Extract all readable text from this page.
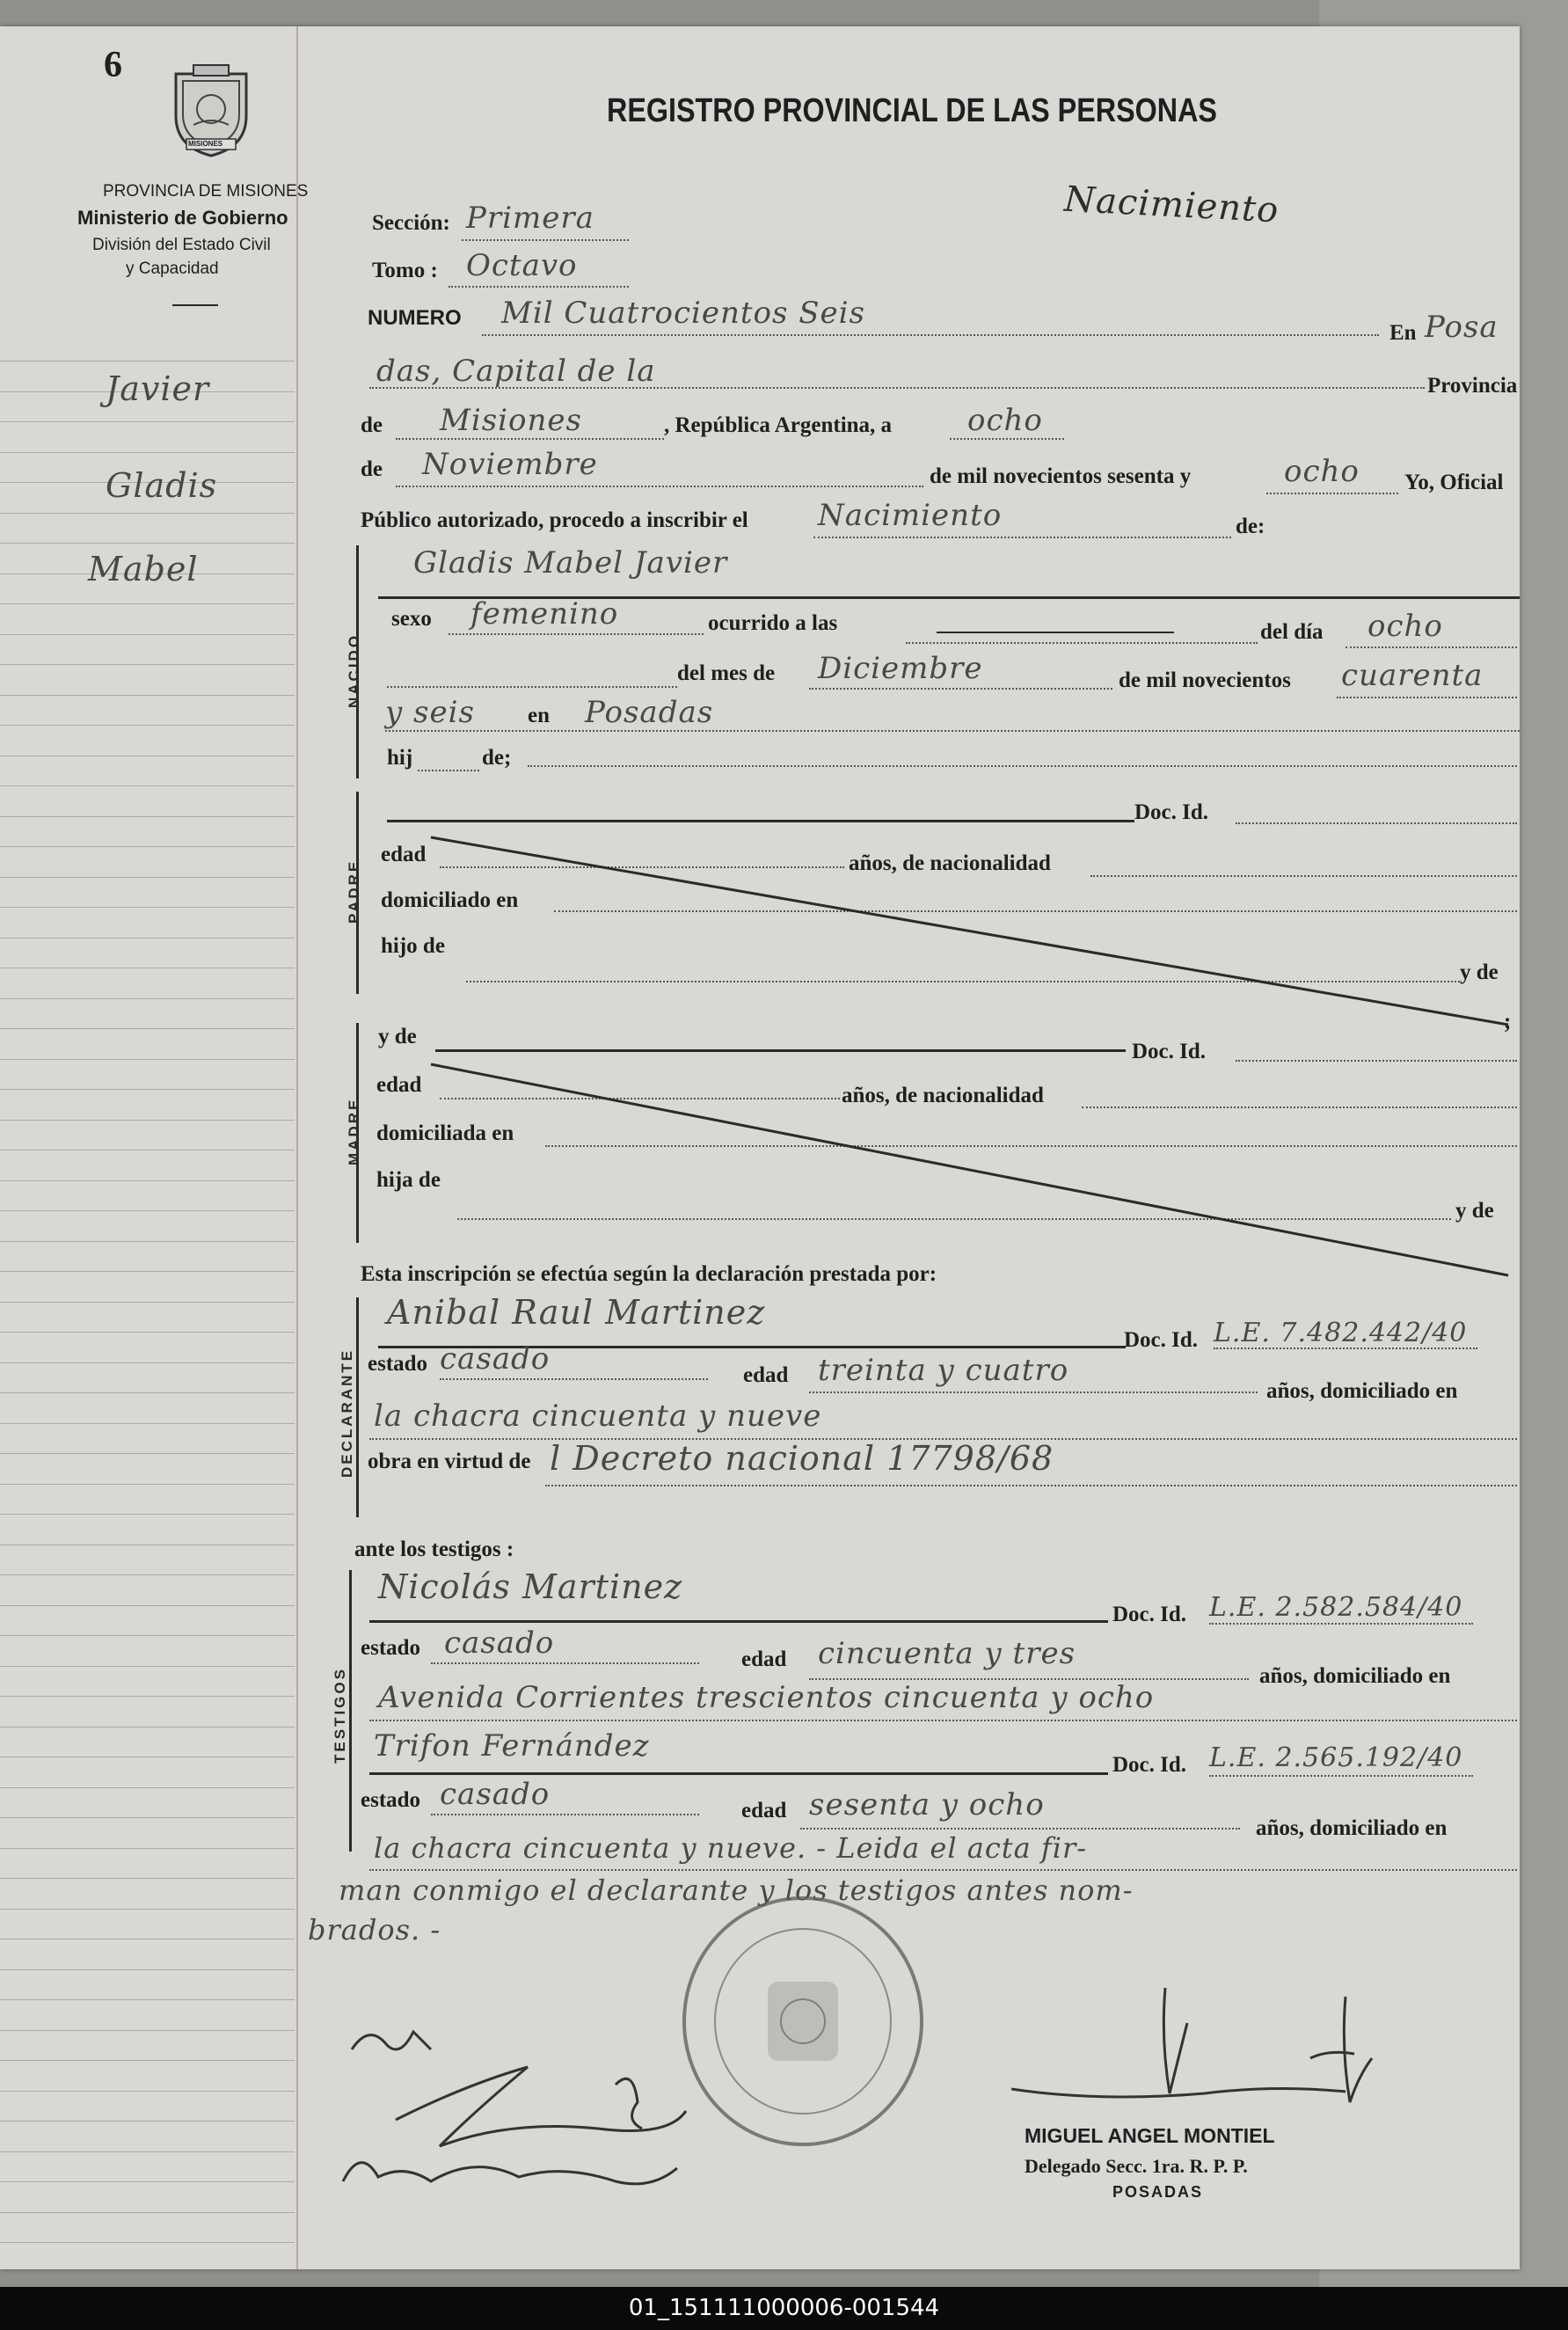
6
MISIONES
PROVINCIA DE MISIONES
Ministerio de Gobierno
División del Estado Civil
y Capacidad
REGISTRO PROVINCIAL DE LAS PERSONAS
Nacimiento
Javier
Gladis
Mabel
Sección: Primera
Tomo : Octavo
NUMERO Mil Cuatrocientos Seis
En Posa
das, Capital de la	Provincia
de Misiones	, República Argentina, a	ocho
de Noviembre	de mil novecientos sesenta y	ocho Yo, Oficial
Público autorizado, procedo a inscribir el Nacimiento	de:
NACIDO
Gladis Mabel Javier
sexo femenino	ocurrido a las	del día ocho
del mes de Diciembre	de mil novecientos cuarenta
y seis en Posadas
hij	de;
PADRE
Doc. Id.
edad	años, de nacionalidad
domiciliado en
hijo de
y de
;
MADRE
y de
Doc. Id.
edad	años, de nacionalidad
domiciliada en
hija de
y de
Esta inscripción se efectúa según la declaración prestada por:
DECLARANTE
Anibal Raul Martinez
Doc. Id. L.E. 7.482.442/40
estado casado	edad treinta y cuatro
años, domiciliado en
la chacra cincuenta y nueve
obra en virtud de l Decreto nacional 17798/68
ante los testigos :
TESTIGOS
Nicolás Martinez
Doc. Id. L.E. 2.582.584/40
estado casado	edad cincuenta y tres
años, domiciliado en
Avenida Corrientes trescientos cincuenta y ocho
Trifon Fernández
Doc. Id. L.E. 2.565.192/40
estado casado	edad sesenta y ocho
años, domiciliado en
la chacra cincuenta y nueve. - Leida el acta fir-
man conmigo el declarante y los testigos antes nom-
brados. -
MIGUEL ANGEL MONTIEL
Delegado Secc. 1ra. R. P. P.
POSADAS
01_151111000006-001544
